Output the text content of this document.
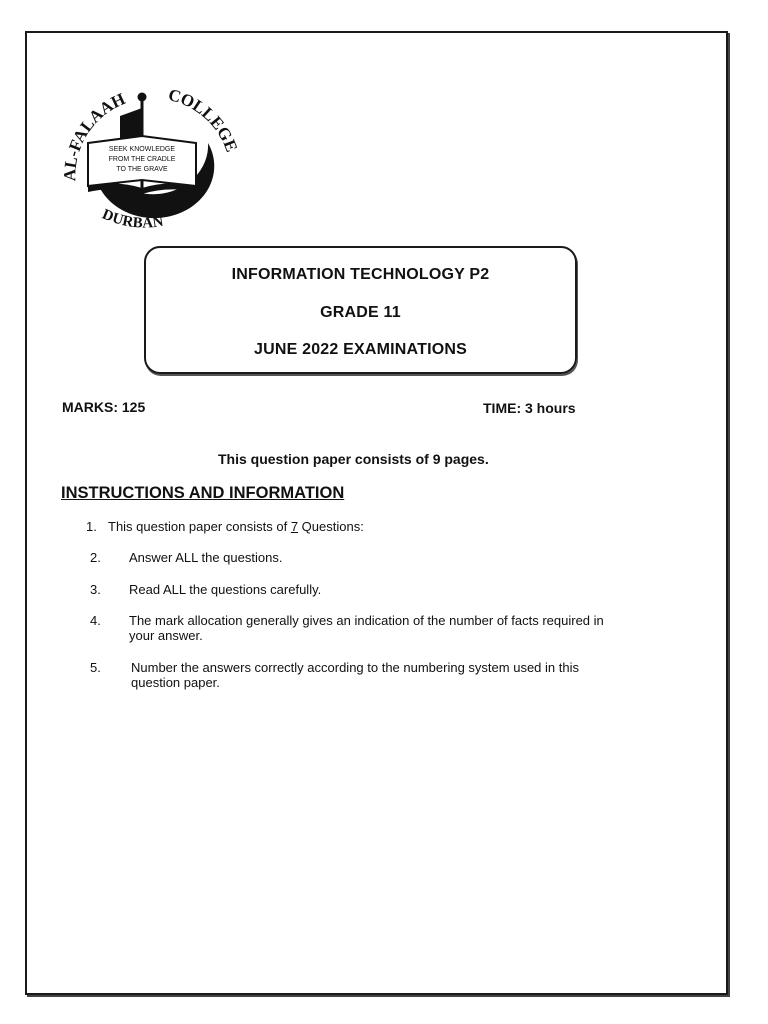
AL-FALAAH COLLEGE
SEEK KNOWLEDGE
FROM THE CRADLE
TO THE GRAVE
DURBAN
INFORMATION TECHNOLOGY P2
GRADE 11
JUNE 2022 EXAMINATIONS
MARKS: 125	TIME: 3 hours
This question paper consists of 9 pages.
INSTRUCTIONS AND INFORMATION
1. This question paper consists of 7 Questions:
2. Answer ALL the questions.
3. Read ALL the questions carefully.
4. The mark allocation generally gives an indication of the number of facts required in
your answer.
5. Number the answers correctly according to the numbering system used in this
question paper.
